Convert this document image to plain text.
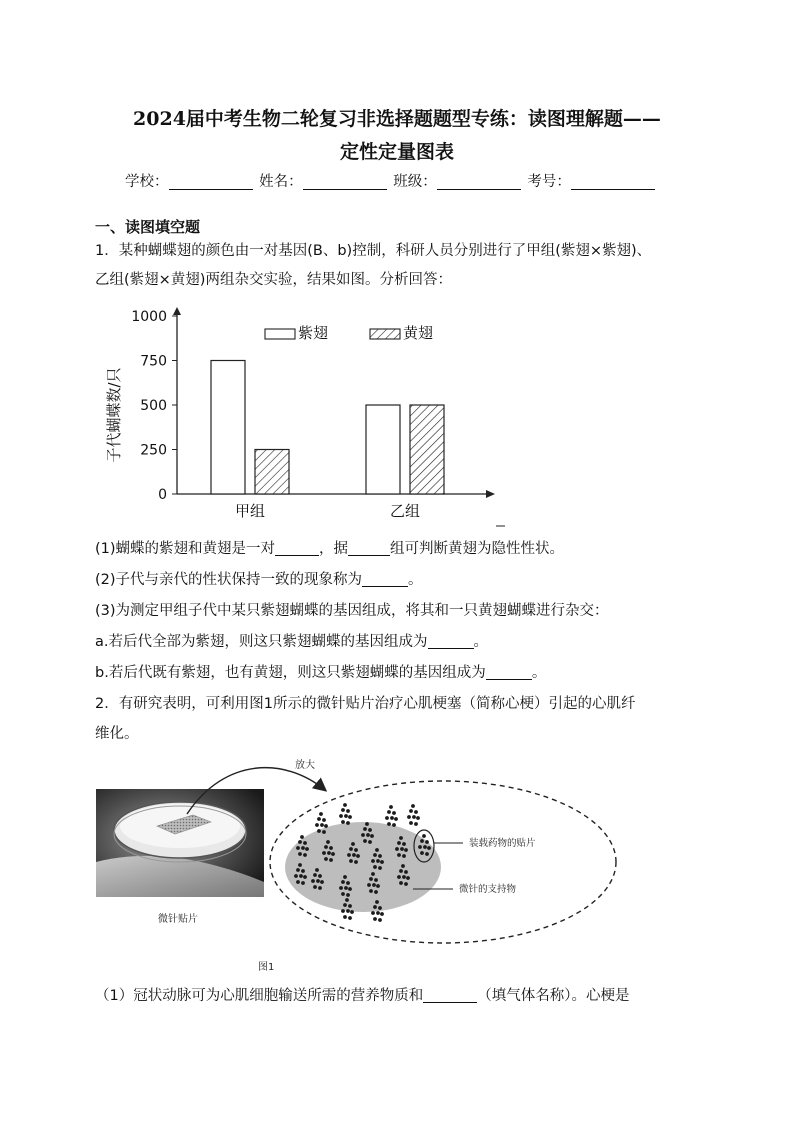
2024届中考生物二轮复习非选择题题型专练：读图理解题——
定性定量图表
学校：	姓名：	班级：	考号：
一、读图填空题
1．某种蝴蝶翅的颜色由一对基因(B、b)控制，科研人员分别进行了甲组(紫翅×紫翅)、
乙组(紫翅×黄翅)两组杂交实验，结果如图。分析回答：
0
250
500
750
1000
子代蝴蝶数/只
甲组	乙组
紫翅	黄翅
(1)蝴蝶的紫翅和黄翅是一对	，据	组可判断黄翅为隐性性状。
(2)子代与亲代的性状保持一致的现象称为	。
(3)为测定甲组子代中某只紫翅蝴蝶的基因组成，将其和一只黄翅蝴蝶进行杂交：
a.若后代全部为紫翅，则这只紫翅蝴蝶的基因组成为	。
b.若后代既有紫翅，也有黄翅，则这只紫翅蝴蝶的基因组成为	。
2．有研究表明，可利用图1所示的微针贴片治疗心肌梗塞（简称心梗）引起的心肌纤
维化。
放大
装载药物的贴片
微针的支持物
微针贴片
图1
（1）冠状动脉可为心肌细胞输送所需的营养物质和	（填气体名称）。心梗是
